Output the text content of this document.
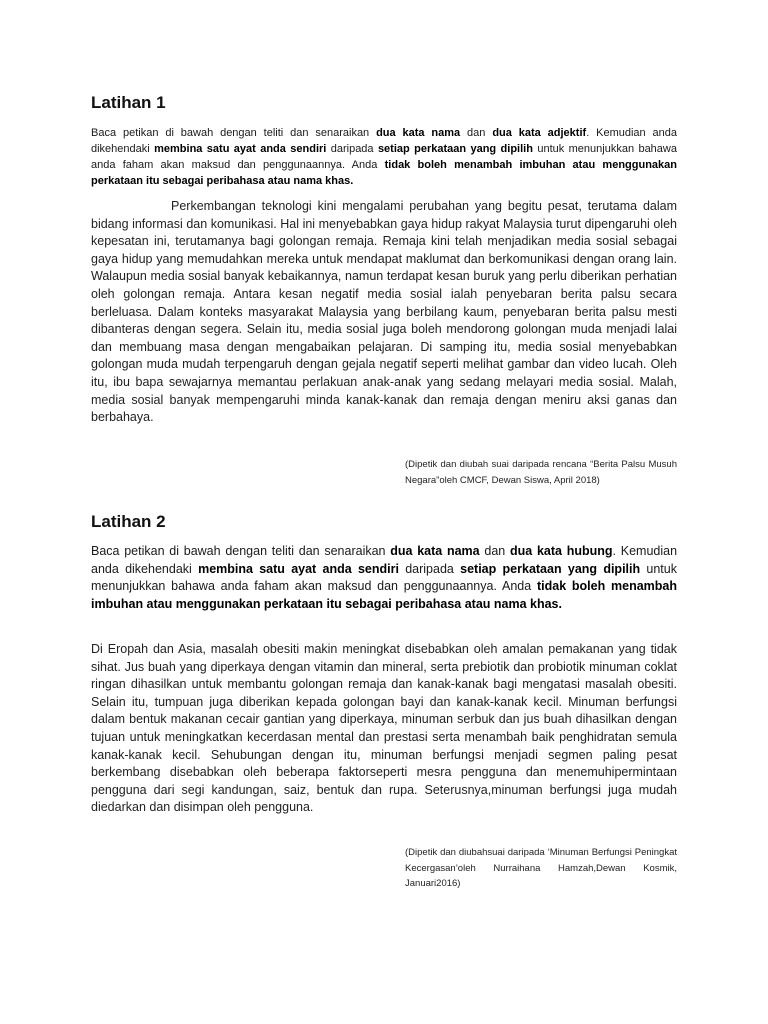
Latihan 1

Baca petikan di bawah dengan teliti dan senaraikan dua kata nama dan dua kata adjektif. Kemudian anda dikehendaki membina satu ayat anda sendiri daripada setiap perkataan yang dipilih untuk menunjukkan bahawa anda faham akan maksud dan penggunaannya. Anda tidak boleh menambah imbuhan atau menggunakan perkataan itu sebagai peribahasa atau nama khas.

Perkembangan teknologi kini mengalami perubahan yang begitu pesat, terutama dalam bidang informasi dan komunikasi. Hal ini menyebabkan gaya hidup rakyat Malaysia turut dipengaruhi oleh kepesatan ini, terutamanya bagi golongan remaja. Remaja kini telah menjadikan media sosial sebagai gaya hidup yang memudahkan mereka untuk mendapat maklumat dan berkomunikasi dengan orang lain. Walaupun media sosial banyak kebaikannya, namun terdapat kesan buruk yang perlu diberikan perhatian oleh golongan remaja. Antara kesan negatif media sosial ialah penyebaran berita palsu secara berleluasa. Dalam konteks masyarakat Malaysia yang berbilang kaum, penyebaran berita palsu mesti dibanteras dengan segera. Selain itu, media sosial juga boleh mendorong golongan muda menjadi lalai dan membuang masa dengan mengabaikan pelajaran. Di samping itu, media sosial menyebabkan golongan muda mudah terpengaruh dengan gejala negatif seperti melihat gambar dan video lucah. Oleh itu, ibu bapa sewajarnya memantau perlakuan anak-anak yang sedang melayari media sosial. Malah, media sosial banyak mempengaruhi minda kanak-kanak dan remaja dengan meniru aksi ganas dan berbahaya.

(Dipetik dan diubah suai daripada rencana “Berita Palsu Musuh Negara”oleh CMCF, Dewan Siswa, April 2018)

Latihan 2

Baca petikan di bawah dengan teliti dan senaraikan dua kata nama dan dua kata hubung. Kemudian anda dikehendaki membina satu ayat anda sendiri daripada setiap perkataan yang dipilih untuk menunjukkan bahawa anda faham akan maksud dan penggunaannya. Anda tidak boleh menambah imbuhan atau menggunakan perkataan itu sebagai peribahasa atau nama khas.

Di Eropah dan Asia, masalah obesiti makin meningkat disebabkan oleh amalan pemakanan yang tidak sihat. Jus buah yang diperkaya dengan vitamin dan mineral, serta prebiotik dan probiotik minuman coklat ringan dihasilkan untuk membantu golongan remaja dan kanak-kanak bagi mengatasi masalah obesiti. Selain itu, tumpuan juga diberikan kepada golongan bayi dan kanak-kanak kecil. Minuman berfungsi dalam bentuk makanan cecair gantian yang diperkaya, minuman serbuk dan jus buah dihasilkan dengan tujuan untuk meningkatkan kecerdasan mental dan prestasi serta menambah baik penghidratan semula kanak-kanak kecil. Sehubungan dengan itu, minuman berfungsi menjadi segmen paling pesat berkembang disebabkan oleh beberapa faktorseperti mesra pengguna dan menemuhipermintaan pengguna dari segi kandungan, saiz, bentuk dan rupa. Seterusnya,minuman berfungsi juga mudah diedarkan dan disimpan oleh pengguna.

(Dipetik dan diubahsuai daripada ‘Minuman Berfungsi Peningkat Kecergasan’oleh Nurraihana Hamzah,Dewan Kosmik, Januari2016)
